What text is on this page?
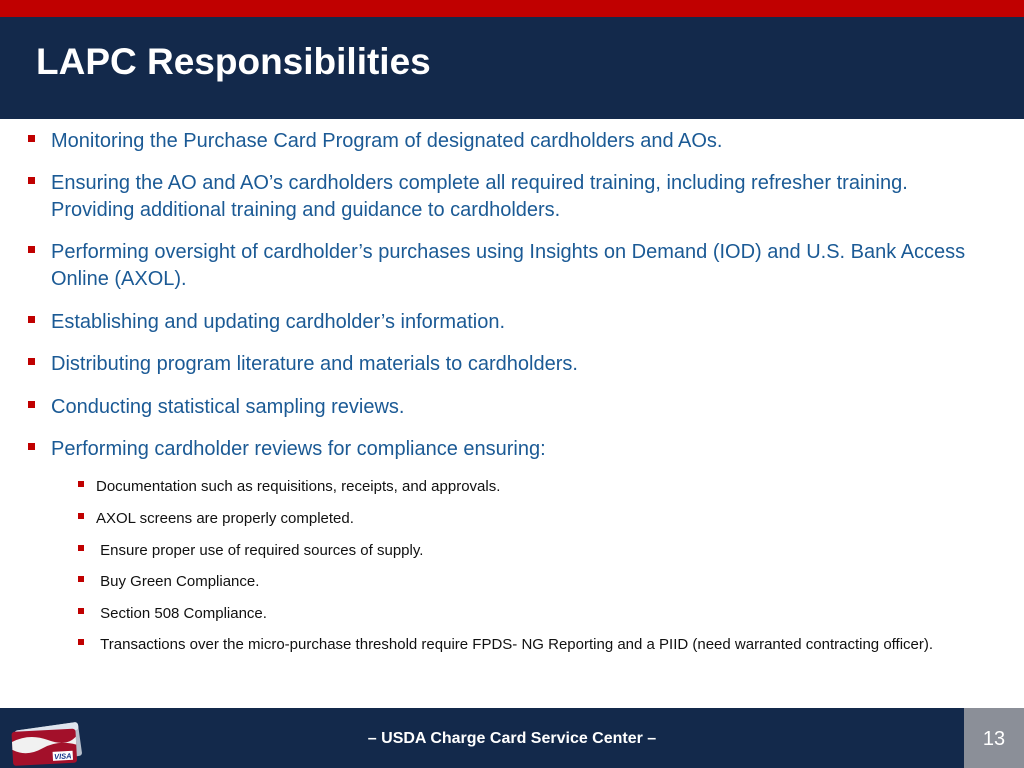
LAPC Responsibilities
Monitoring the Purchase Card Program of designated cardholders and AOs.
Ensuring the AO and AO’s cardholders complete all required training, including refresher training. Providing additional training and guidance to cardholders.
Performing oversight of cardholder’s purchases using Insights on Demand (IOD) and U.S. Bank Access Online (AXOL).
Establishing and updating cardholder’s information.
Distributing program literature and materials to cardholders.
Conducting statistical sampling reviews.
Performing cardholder reviews for compliance ensuring:
Documentation such as requisitions, receipts, and approvals.
AXOL screens are properly completed.
Ensure proper use of required sources of supply.
Buy Green Compliance.
Section 508 Compliance.
Transactions over the micro-purchase threshold require FPDS- NG Reporting and a PIID (need warranted contracting officer).
VISA
– USDA Charge Card Service Center –	13
